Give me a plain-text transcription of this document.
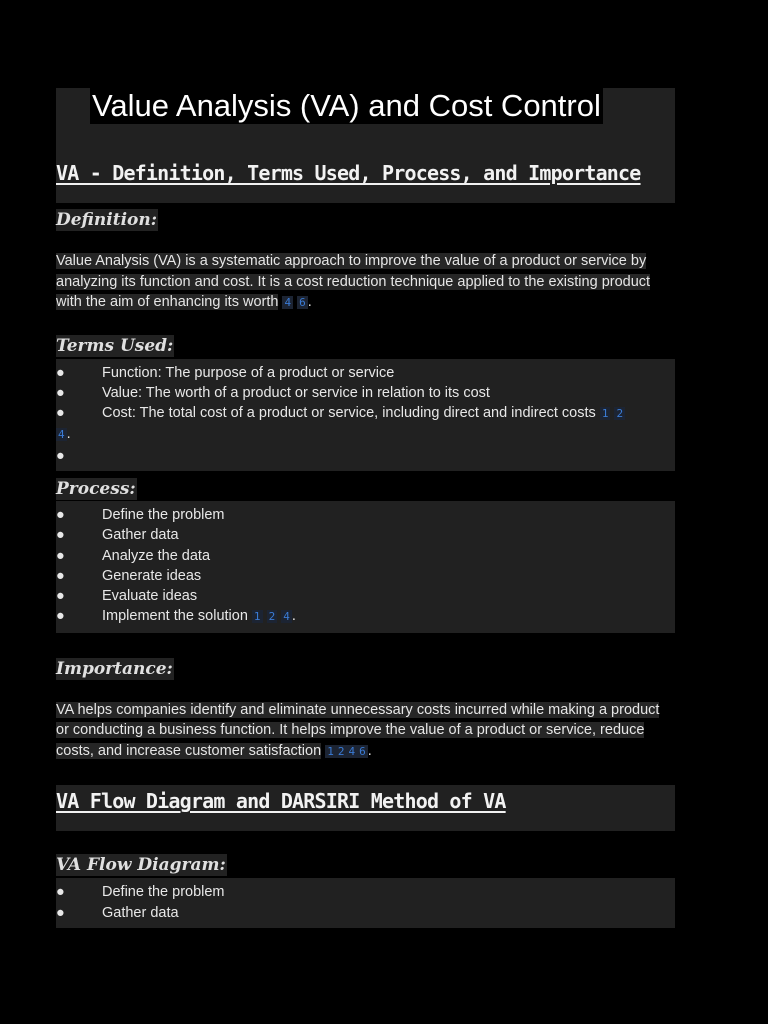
Value Analysis (VA) and Cost Control
VA - Definition, Terms Used, Process, and Importance
Definition:

Value Analysis (VA) is a systematic approach to improve the value of a product or service by analyzing its function and cost. It is a cost reduction technique applied to the existing product with the aim of enhancing its worth 4 6 .

Terms Used:
●	Function: The purpose of a product or service
●	Value: The worth of a product or service in relation to its cost
●	Cost: The total cost of a product or service, including direct and indirect costs 1 2
4 .
●

Process:
●	Define the problem
●	Gather data
●	Analyze the data
●	Generate ideas
●	Evaluate ideas
●	Implement the solution 1 2 4 .
Importance:

VA helps companies identify and eliminate unnecessary costs incurred while making a product or conducting a business function. It helps improve the value of a product or service, reduce costs, and increase customer satisfaction 1 2 4 6 .

VA Flow Diagram and DARSIRI Method of VA
VA Flow Diagram:
●	Define the problem
●	Gather data
